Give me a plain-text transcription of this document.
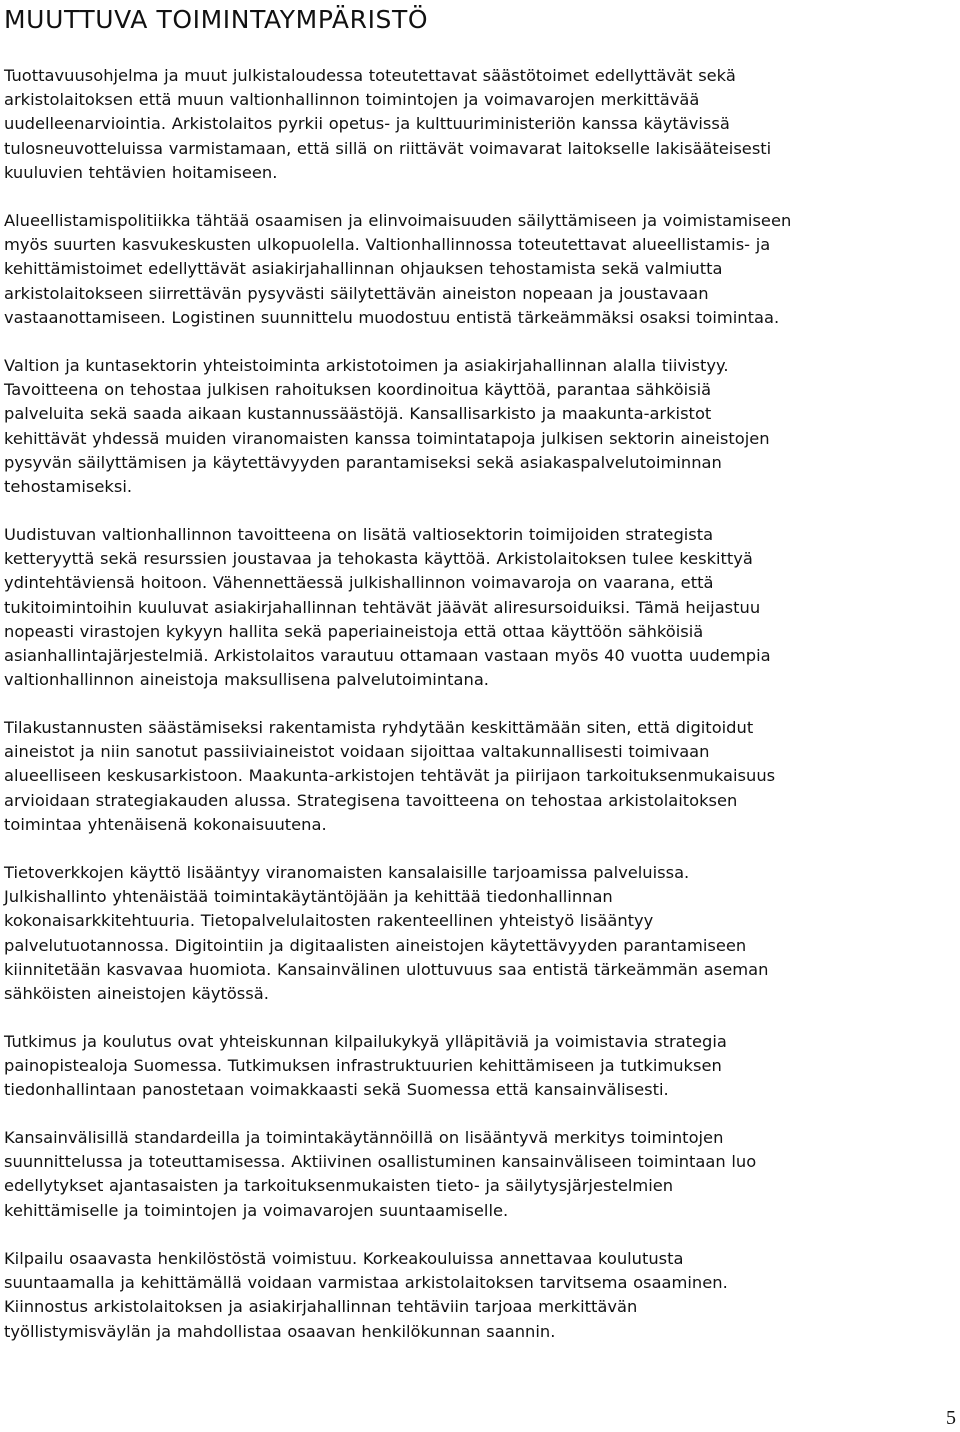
MUUTTUVA TOIMINTAYMPÄRISTÖ

Tuottavuusohjelma ja muut julkistaloudessa toteutettavat säästötoimet edellyttävät sekä
arkistolaitoksen että muun valtionhallinnon toimintojen ja voimavarojen merkittävää
uudelleenarviointia. Arkistolaitos pyrkii opetus- ja kulttuuriministeriön kanssa käytävissä
tulosneuvotteluissa varmistamaan, että sillä on riittävät voimavarat laitokselle lakisääteisesti
kuuluvien tehtävien hoitamiseen.

Alueellistamispolitiikka tähtää osaamisen ja elinvoimaisuuden säilyttämiseen ja voimistamiseen
myös suurten kasvukeskusten ulkopuolella. Valtionhallinnossa toteutettavat alueellistamis- ja
kehittämistoimet edellyttävät asiakirjahallinnan ohjauksen tehostamista sekä valmiutta
arkistolaitokseen siirrettävän pysyvästi säilytettävän aineiston nopeaan ja joustavaan
vastaanottamiseen. Logistinen suunnittelu muodostuu entistä tärkeämmäksi osaksi toimintaa.

Valtion ja kuntasektorin yhteistoiminta arkistotoimen ja asiakirjahallinnan alalla tiivistyy.
Tavoitteena on tehostaa julkisen rahoituksen koordinoitua käyttöä, parantaa sähköisiä
palveluita sekä saada aikaan kustannussäästöjä. Kansallisarkisto ja maakunta-arkistot
kehittävät yhdessä muiden viranomaisten kanssa toimintatapoja julkisen sektorin aineistojen
pysyvän säilyttämisen ja käytettävyyden parantamiseksi sekä asiakaspalvelutoiminnan
tehostamiseksi.

Uudistuvan valtionhallinnon tavoitteena on lisätä valtiosektorin toimijoiden strategista
ketteryyttä sekä resurssien joustavaa ja tehokasta käyttöä. Arkistolaitoksen tulee keskittyä
ydintehtäviensä hoitoon. Vähennettäessä julkishallinnon voimavaroja on vaarana, että
tukitoimintoihin kuuluvat asiakirjahallinnan tehtävät jäävät aliresursoiduiksi. Tämä heijastuu
nopeasti virastojen kykyyn hallita sekä paperiaineistoja että ottaa käyttöön sähköisiä
asianhallintajärjestelmiä. Arkistolaitos varautuu ottamaan vastaan myös 40 vuotta uudempia
valtionhallinnon aineistoja maksullisena palvelutoimintana.

Tilakustannusten säästämiseksi rakentamista ryhdytään keskittämään siten, että digitoidut
aineistot ja niin sanotut passiiviaineistot voidaan sijoittaa valtakunnallisesti toimivaan
alueelliseen keskusarkistoon. Maakunta-arkistojen tehtävät ja piirijaon tarkoituksenmukaisuus
arvioidaan strategiakauden alussa. Strategisena tavoitteena on tehostaa arkistolaitoksen
toimintaa yhtenäisenä kokonaisuutena.

Tietoverkkojen käyttö lisääntyy viranomaisten kansalaisille tarjoamissa palveluissa.
Julkishallinto yhtenäistää toimintakäytäntöjään ja kehittää tiedonhallinnan
kokonaisarkkitehtuuria. Tietopalvelulaitosten rakenteellinen yhteistyö lisääntyy
palvelutuotannossa. Digitointiin ja digitaalisten aineistojen käytettävyyden parantamiseen
kiinnitetään kasvavaa huomiota. Kansainvälinen ulottuvuus saa entistä tärkeämmän aseman
sähköisten aineistojen käytössä.

Tutkimus ja koulutus ovat yhteiskunnan kilpailukykyä ylläpitäviä ja voimistavia strategia
painopistealoja Suomessa. Tutkimuksen infrastruktuurien kehittämiseen ja tutkimuksen
tiedonhallintaan panostetaan voimakkaasti sekä Suomessa että kansainvälisesti.

Kansainvälisillä standardeilla ja toimintakäytännöillä on lisääntyvä merkitys toimintojen
suunnittelussa ja toteuttamisessa. Aktiivinen osallistuminen kansainväliseen toimintaan luo
edellytykset ajantasaisten ja tarkoituksenmukaisten tieto- ja säilytysjärjestelmien
kehittämiselle ja toimintojen ja voimavarojen suuntaamiselle.

Kilpailu osaavasta henkilöstöstä voimistuu. Korkeakouluissa annettavaa koulutusta
suuntaamalla ja kehittämällä voidaan varmistaa arkistolaitoksen tarvitsema osaaminen.
Kiinnostus arkistolaitoksen ja asiakirjahallinnan tehtäviin tarjoaa merkittävän
työllistymisväylän ja mahdollistaa osaavan henkilökunnan saannin.

5
